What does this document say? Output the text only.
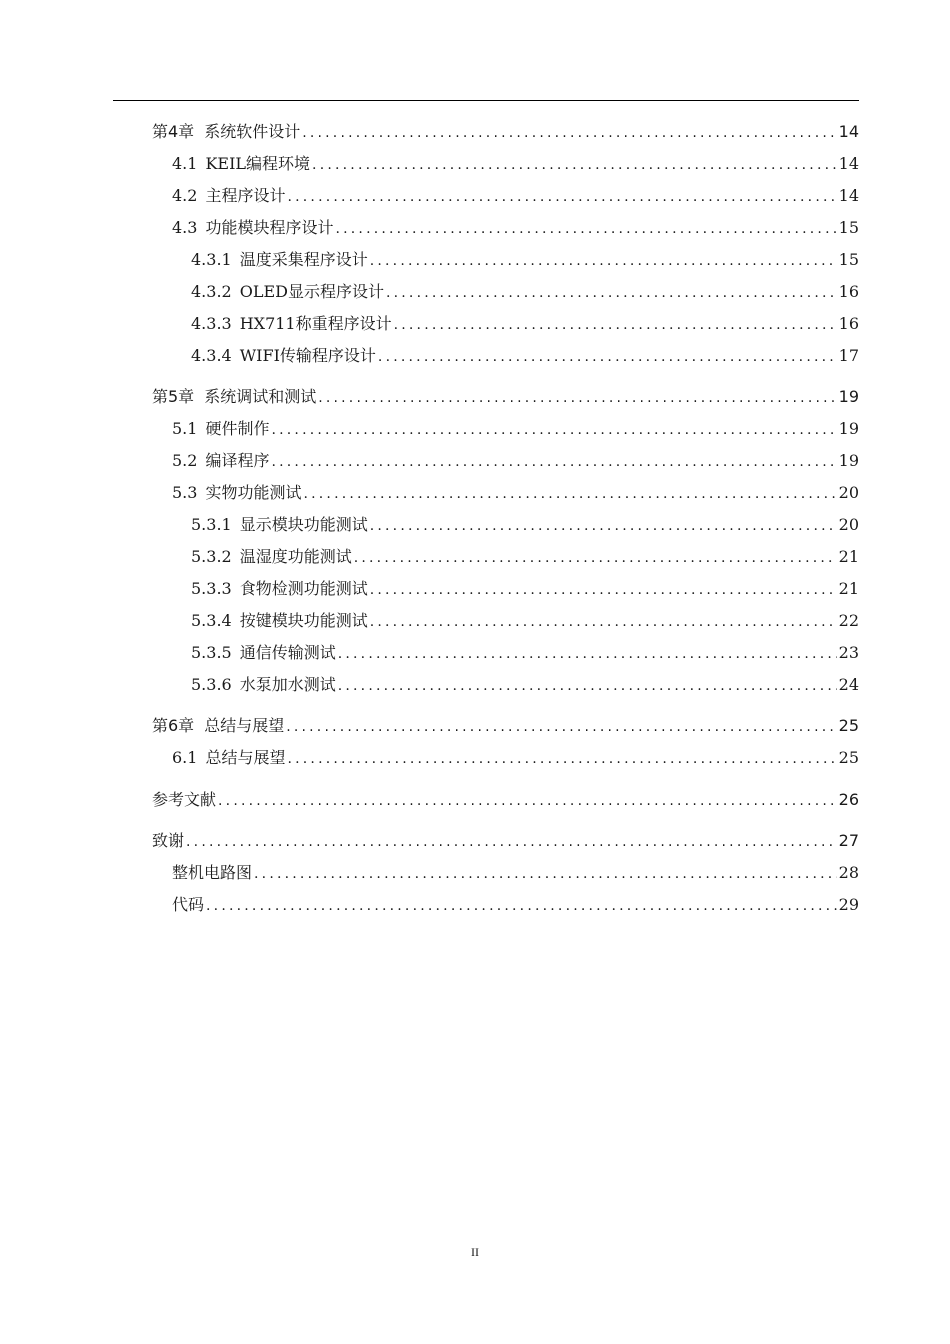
第4章 系统软件设计 .....	14
4.1 KEIL编程环境 .....	14
4.2 主程序设计 .....	14
4.3 功能模块程序设计 .....	15
4.3.1 温度采集程序设计 .....	15
4.3.2 OLED显示程序设计 .....	16
4.3.3 HX711称重程序设计 .....	16
4.3.4 WIFI传输程序设计 .....	17
第5章 系统调试和测试 .....	19
5.1 硬件制作 .....	19
5.2 编译程序 .....	19
5.3 实物功能测试 .....	20
5.3.1 显示模块功能测试 .....	20
5.3.2 温湿度功能测试 .....	21
5.3.3 食物检测功能测试 .....	21
5.3.4 按键模块功能测试 .....	22
5.3.5 通信传输测试 .....	23
5.3.6 水泵加水测试 .....	24
第6章 总结与展望 .....	25
6.1 总结与展望 .....	25
参考文献 .....	26
致谢 .....	27
整机电路图 .....	28
代码 .....	29
II
